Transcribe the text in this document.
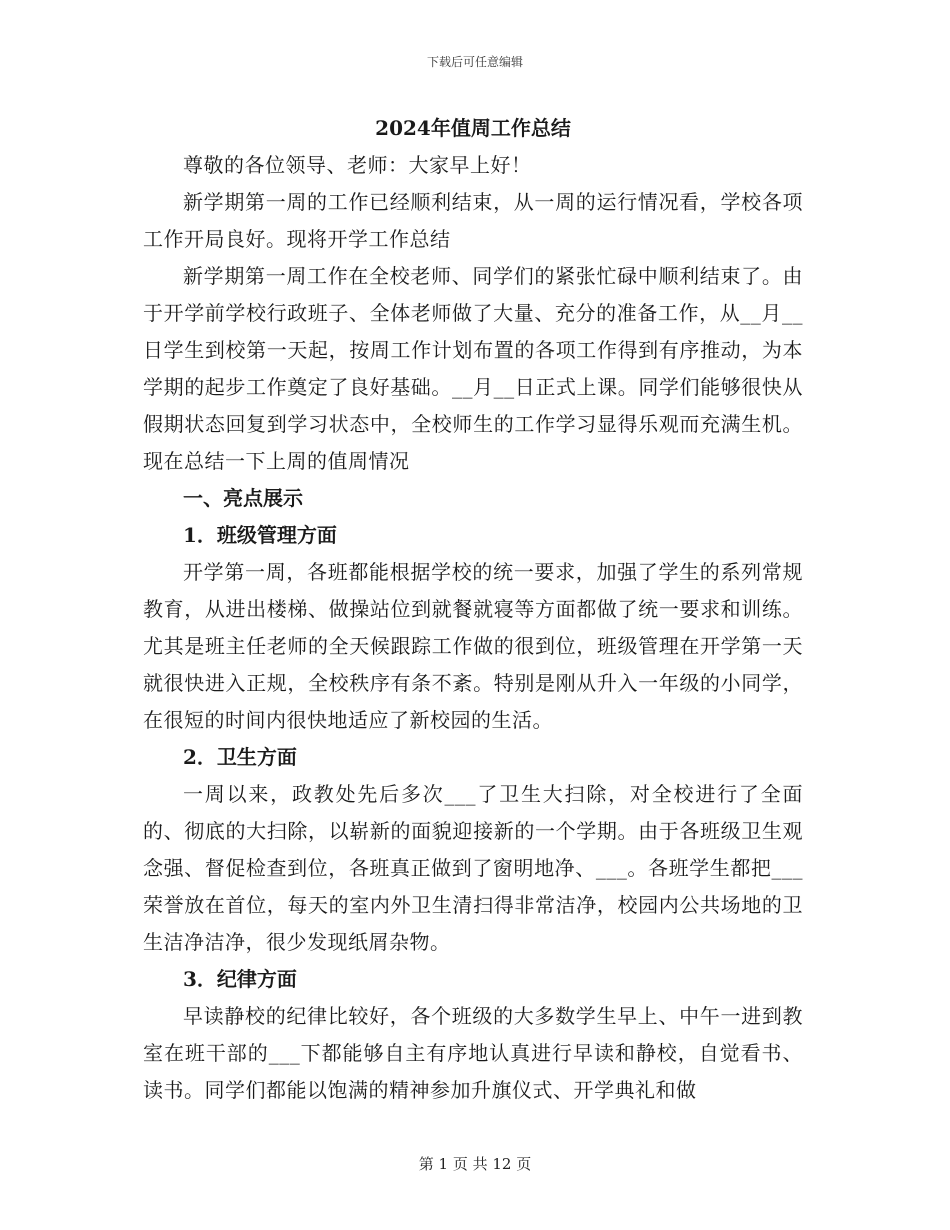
下载后可任意编辑
2024年值周工作总结

尊敬的各位领导、老师：大家早上好！

新学期第一周的工作已经顺利结束，从一周的运行情况看，学校各项工作开局良好。现将开学工作总结

新学期第一周工作在全校老师、同学们的紧张忙碌中顺利结束了。由于开学前学校行政班子、全体老师做了大量、充分的准备工作，从__月__日学生到校第一天起，按周工作计划布置的各项工作得到有序推动，为本学期的起步工作奠定了良好基础。__月__日正式上课。同学们能够很快从假期状态回复到学习状态中，全校师生的工作学习显得乐观而充满生机。现在总结一下上周的值周情况

一、亮点展示

1．班级管理方面

开学第一周，各班都能根据学校的统一要求，加强了学生的系列常规教育，从进出楼梯、做操站位到就餐就寝等方面都做了统一要求和训练。尤其是班主任老师的全天候跟踪工作做的很到位，班级管理在开学第一天就很快进入正规，全校秩序有条不紊。特别是刚从升入一年级的小同学，在很短的时间内很快地适应了新校园的生活。

2．卫生方面

一周以来，政教处先后多次___了卫生大扫除，对全校进行了全面的、彻底的大扫除，以崭新的面貌迎接新的一个学期。由于各班级卫生观念强、督促检查到位，各班真正做到了窗明地净、___。各班学生都把___荣誉放在首位，每天的室内外卫生清扫得非常洁净，校园内公共场地的卫生洁净洁净，很少发现纸屑杂物。

3．纪律方面

早读静校的纪律比较好，各个班级的大多数学生早上、中午一进到教室在班干部的___下都能够自主有序地认真进行早读和静校，自觉看书、读书。同学们都能以饱满的精神参加升旗仪式、开学典礼和做

第 1 页 共 12 页
